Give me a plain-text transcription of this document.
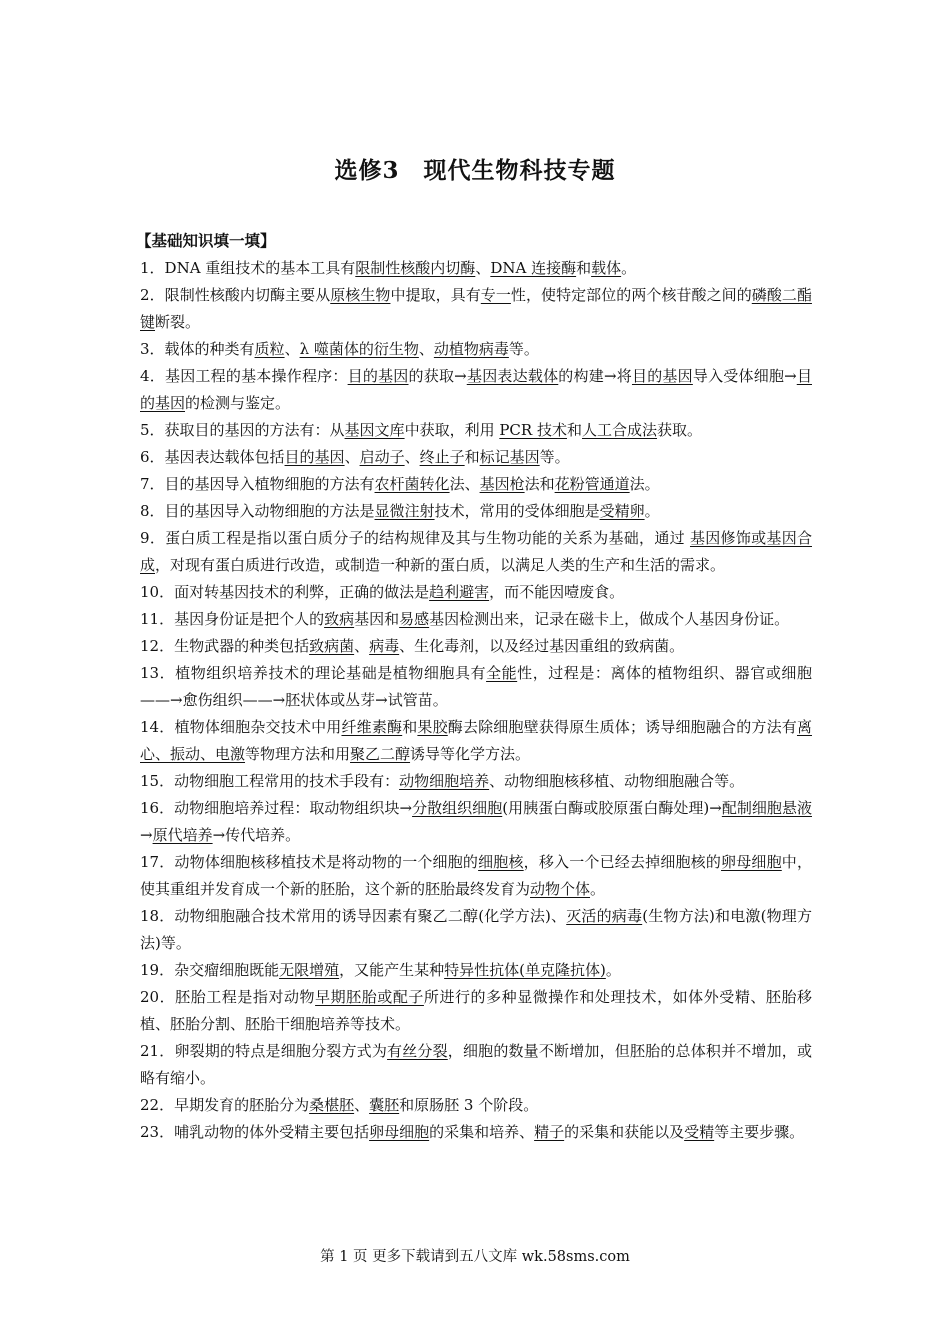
选修3　现代生物科技专题
【基础知识填一填】

1．DNA 重组技术的基本工具有限制性核酸内切酶、DNA 连接酶和载体。

2．限制性核酸内切酶主要从原核生物中提取，具有专一性，使特定部位的两个核苷酸之间的磷酸二酯键断裂。

3．载体的种类有质粒、λ 噬菌体的衍生物、动植物病毒等。

4．基因工程的基本操作程序：目的基因的获取→基因表达载体的构建→将目的基因导入受体细胞→目的基因的检测与鉴定。

5．获取目的基因的方法有：从基因文库中获取，利用 PCR 技术和人工合成法获取。

6．基因表达载体包括目的基因、启动子、终止子和标记基因等。

7．目的基因导入植物细胞的方法有农杆菌转化法、基因枪法和花粉管通道法。

8．目的基因导入动物细胞的方法是显微注射技术，常用的受体细胞是受精卵。

9．蛋白质工程是指以蛋白质分子的结构规律及其与生物功能的关系为基础，通过 基因修饰或基因合成，对现有蛋白质进行改造，或制造一种新的蛋白质，以满足人类的生产和生活的需求。

10．面对转基因技术的利弊，正确的做法是趋利避害，而不能因噎废食。

11．基因身份证是把个人的致病基因和易感基因检测出来，记录在磁卡上，做成个人基因身份证。

12．生物武器的种类包括致病菌、病毒、生化毒剂，以及经过基因重组的致病菌。

13．植物组织培养技术的理论基础是植物细胞具有全能性，过程是：离体的植物组织、器官或细胞——→愈伤组织——→胚状体或丛芽→试管苗。

14．植物体细胞杂交技术中用纤维素酶和果胶酶去除细胞壁获得原生质体；诱导细胞融合的方法有离心、振动、电激等物理方法和用聚乙二醇诱导等化学方法。

15．动物细胞工程常用的技术手段有：动物细胞培养、动物细胞核移植、动物细胞融合等。

16．动物细胞培养过程：取动物组织块→分散组织细胞(用胰蛋白酶或胶原蛋白酶处理)→配制细胞悬液→原代培养→传代培养。

17．动物体细胞核移植技术是将动物的一个细胞的细胞核，移入一个已经去掉细胞核的卵母细胞中，使其重组并发育成一个新的胚胎，这个新的胚胎最终发育为动物个体。

18．动物细胞融合技术常用的诱导因素有聚乙二醇(化学方法)、灭活的病毒(生物方法)和电激(物理方法)等。

19．杂交瘤细胞既能无限增殖，又能产生某种特异性抗体(单克隆抗体)。

20．胚胎工程是指对动物早期胚胎或配子所进行的多种显微操作和处理技术，如体外受精、胚胎移植、胚胎分割、胚胎干细胞培养等技术。

21．卵裂期的特点是细胞分裂方式为有丝分裂，细胞的数量不断增加，但胚胎的总体积并不增加，或略有缩小。

22．早期发育的胚胎分为桑椹胚、囊胚和原肠胚 3 个阶段。

23．哺乳动物的体外受精主要包括卵母细胞的采集和培养、精子的采集和获能以及受精等主要步骤。

第 1 页 更多下载请到五八文库 wk.58sms.com
